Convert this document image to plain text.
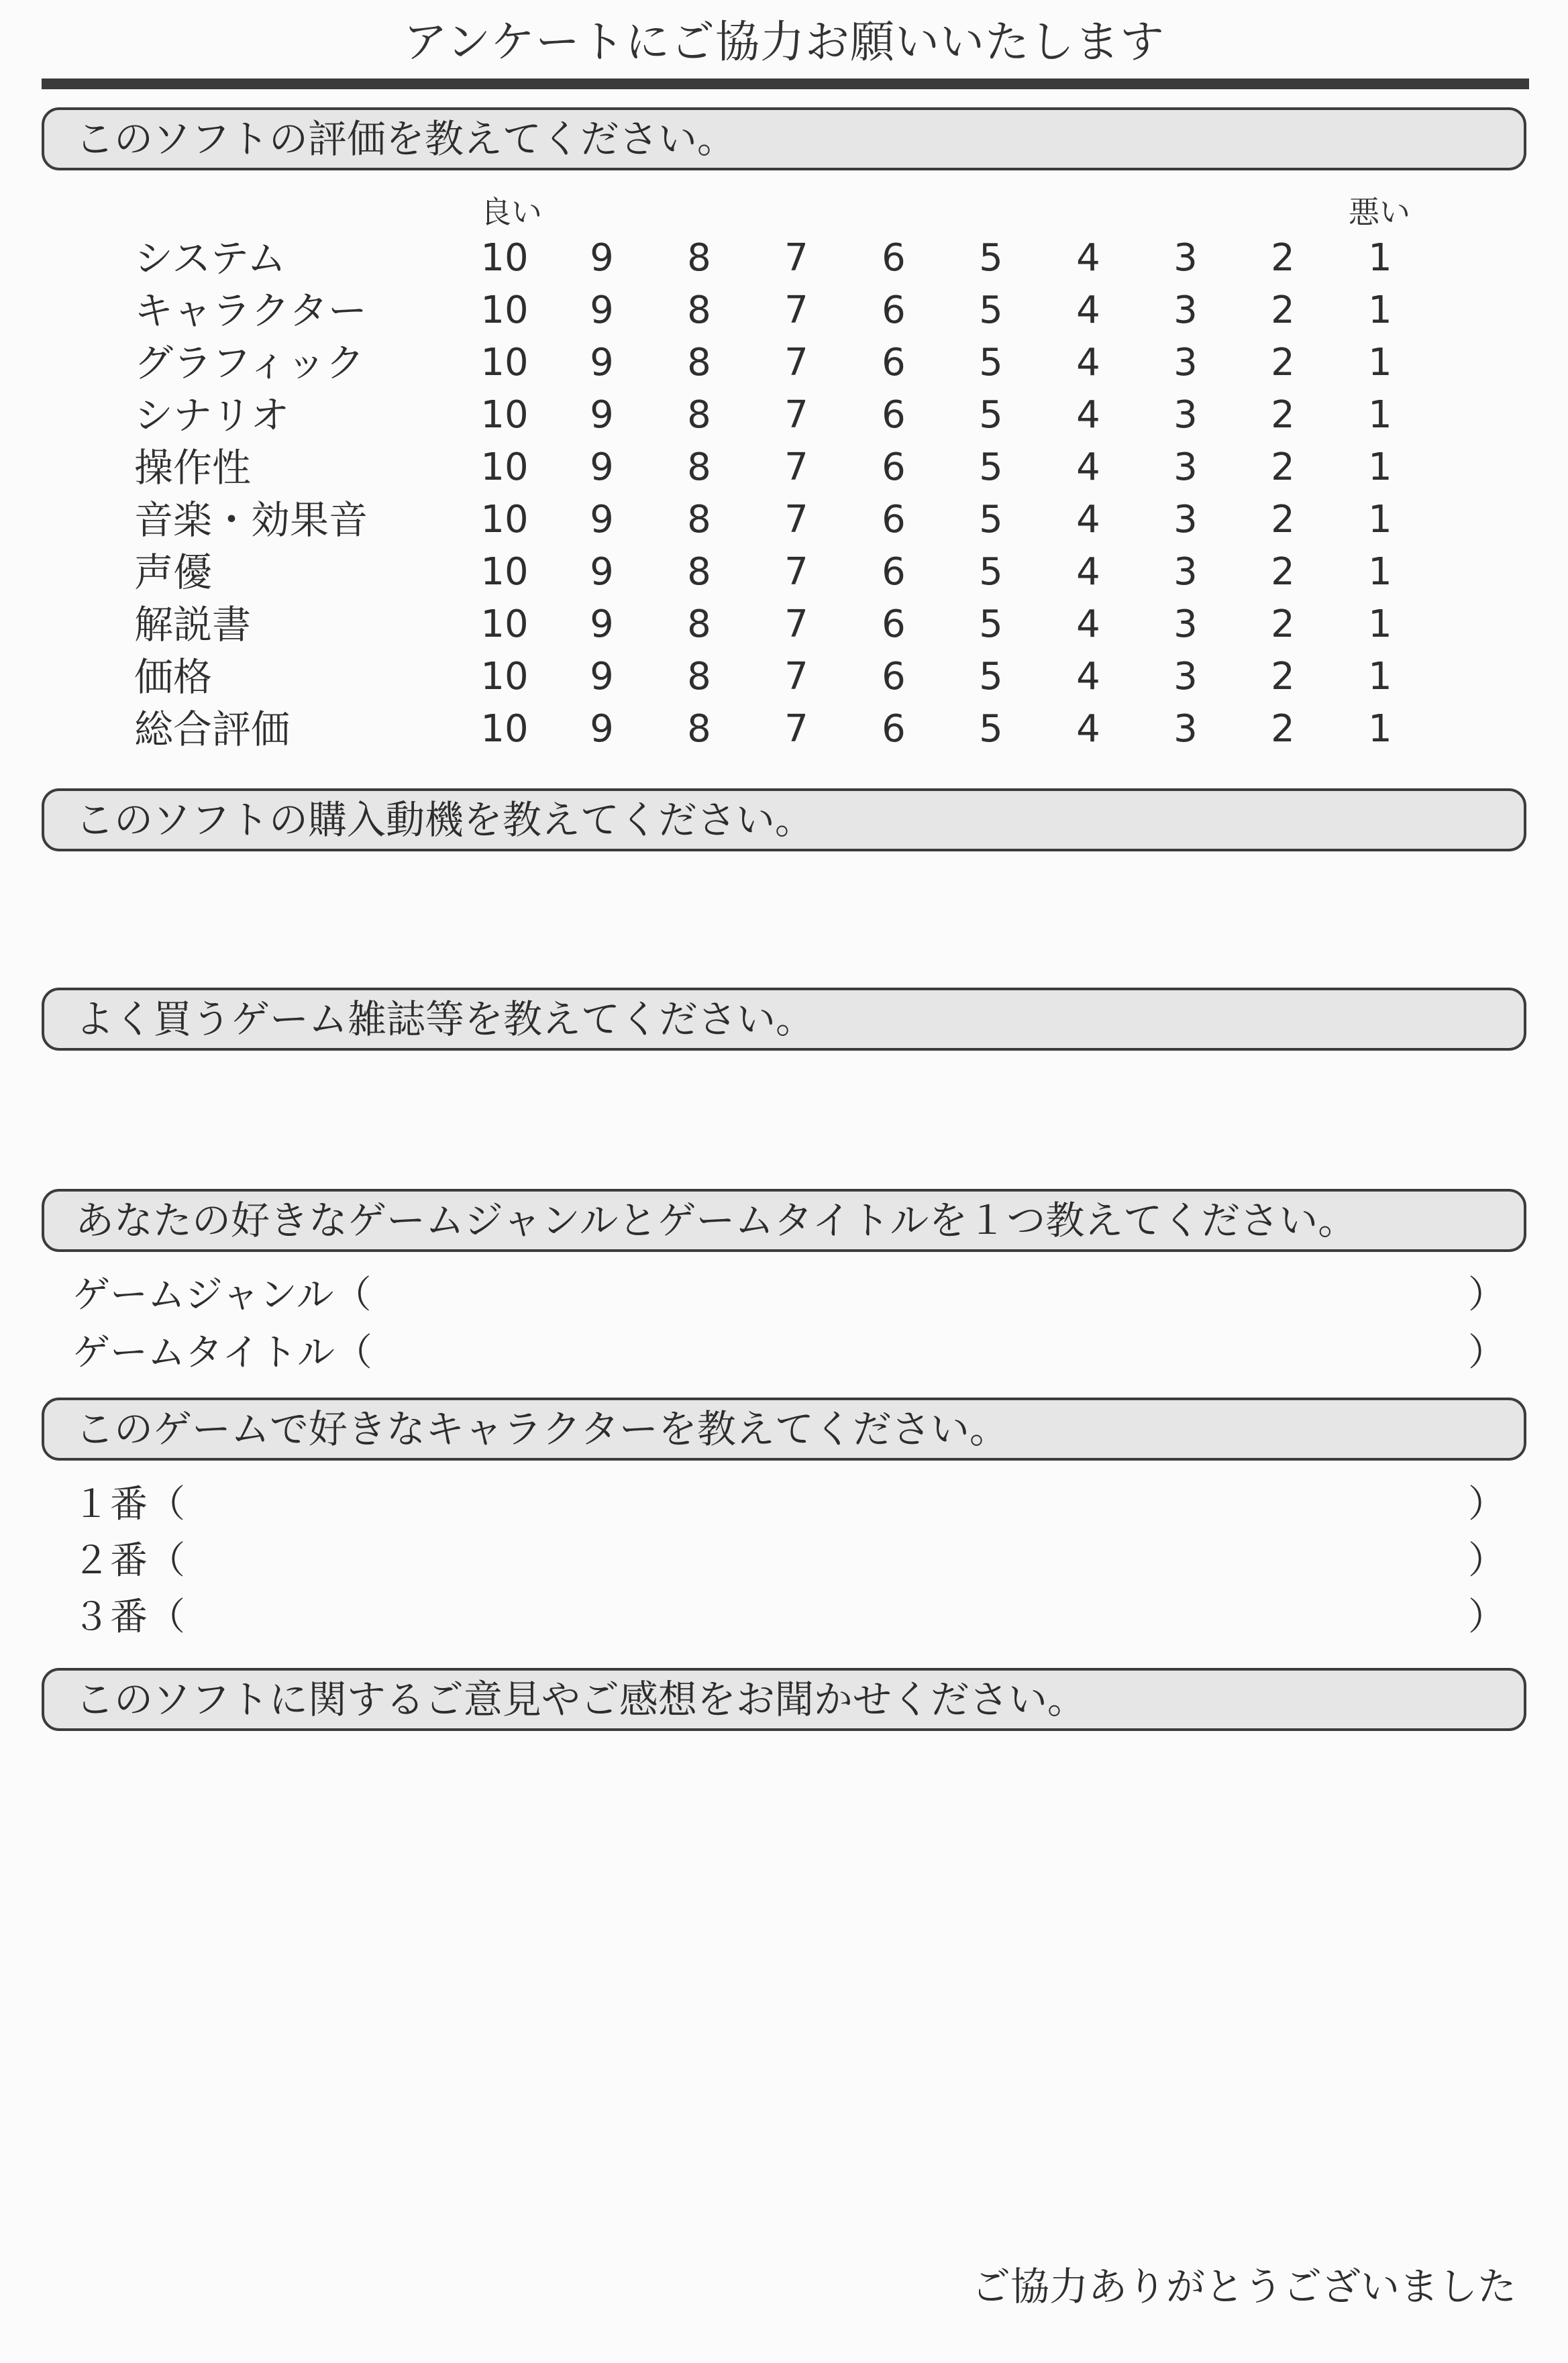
アンケートにご協力お願いいたします
このソフトの評価を教えてください。
良い	悪い
システム	10	9	8	7	6	5	4	3	2	1
キャラクター	10	9	8	7	6	5	4	3	2	1
グラフィック	10	9	8	7	6	5	4	3	2	1
シナリオ	10	9	8	7	6	5	4	3	2	1
操作性	10	9	8	7	6	5	4	3	2	1
音楽・効果音	10	9	8	7	6	5	4	3	2	1
声優	10	9	8	7	6	5	4	3	2	1
解説書	10	9	8	7	6	5	4	3	2	1
価格	10	9	8	7	6	5	4	3	2	1
総合評価	10	9	8	7	6	5	4	3	2	1
このソフトの購入動機を教えてください。
よく買うゲーム雑誌等を教えてください。
あなたの好きなゲームジャンルとゲームタイトルを１つ教えてください。
ゲームジャンル（	）
ゲームタイトル（	）
このゲームで好きなキャラクターを教えてください。
１番（	）
２番（	）
３番（	）
このソフトに関するご意見やご感想をお聞かせください。
ご協力ありがとうございました
